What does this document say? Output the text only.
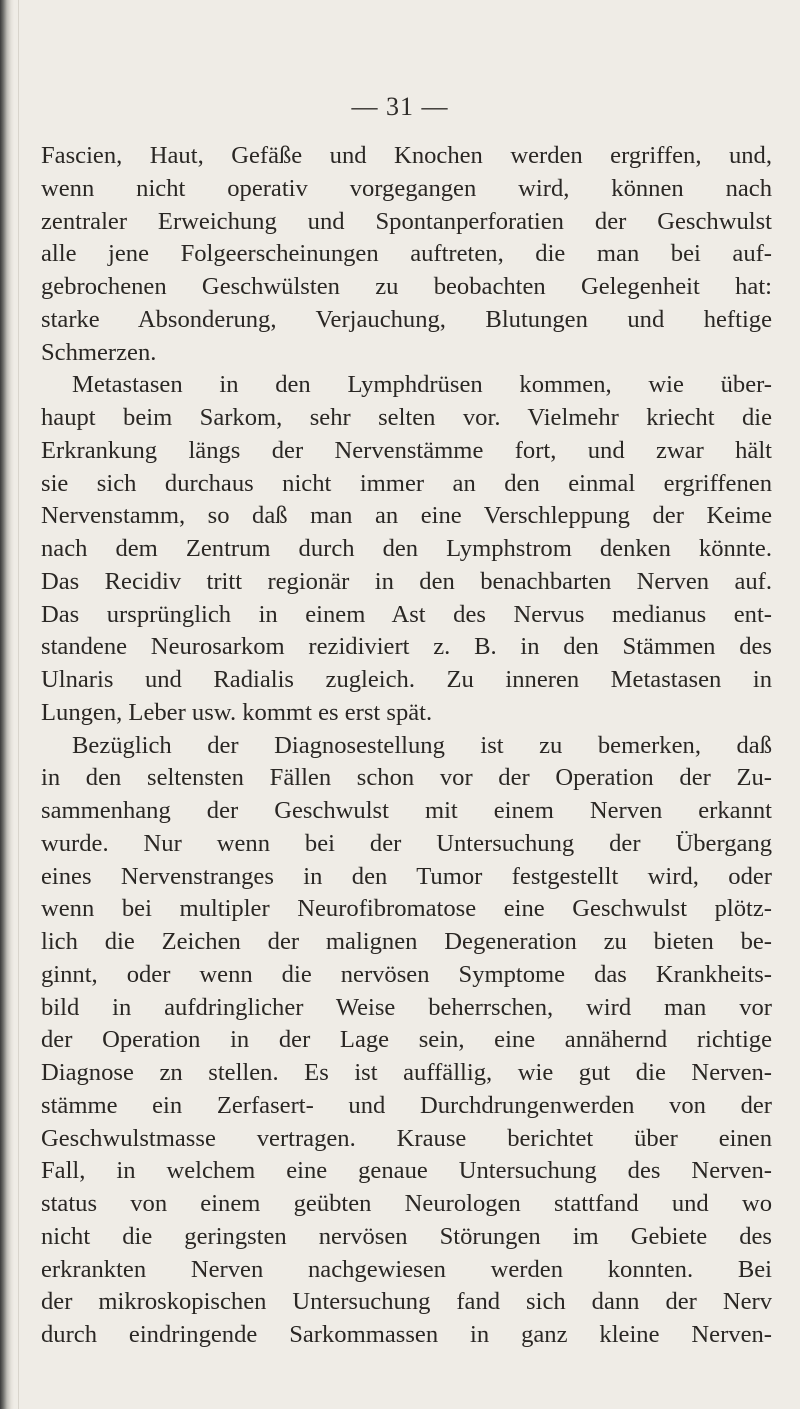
— 31 —
Fascien, Haut, Gefäße und Knochen werden ergriffen, und,
wenn nicht operativ vorgegangen wird, können nach
zentraler Erweichung und Spontanperforatien der Geschwulst
alle jene Folgeerscheinungen auftreten, die man bei auf-
gebrochenen Geschwülsten zu beobachten Gelegenheit hat:
starke Absonderung, Verjauchung, Blutungen und heftige
Schmerzen.
Metastasen in den Lymphdrüsen kommen, wie über-
haupt beim Sarkom, sehr selten vor. Vielmehr kriecht die
Erkrankung längs der Nervenstämme fort, und zwar hält
sie sich durchaus nicht immer an den einmal ergriffenen
Nervenstamm, so daß man an eine Verschleppung der Keime
nach dem Zentrum durch den Lymphstrom denken könnte.
Das Recidiv tritt regionär in den benachbarten Nerven auf.
Das ursprünglich in einem Ast des Nervus medianus ent-
standene Neurosarkom rezidiviert z. B. in den Stämmen des
Ulnaris und Radialis zugleich. Zu inneren Metastasen in
Lungen, Leber usw. kommt es erst spät.
Bezüglich der Diagnosestellung ist zu bemerken, daß
in den seltensten Fällen schon vor der Operation der Zu-
sammenhang der Geschwulst mit einem Nerven erkannt
wurde. Nur wenn bei der Untersuchung der Übergang
eines Nervenstranges in den Tumor festgestellt wird, oder
wenn bei multipler Neurofibromatose eine Geschwulst plötz-
lich die Zeichen der malignen Degeneration zu bieten be-
ginnt, oder wenn die nervösen Symptome das Krankheits-
bild in aufdringlicher Weise beherrschen, wird man vor
der Operation in der Lage sein, eine annähernd richtige
Diagnose zn stellen. Es ist auffällig, wie gut die Nerven-
stämme ein Zerfasert- und Durchdrungenwerden von der
Geschwulstmasse vertragen. Krause berichtet über einen
Fall, in welchem eine genaue Untersuchung des Nerven-
status von einem geübten Neurologen stattfand und wo
nicht die geringsten nervösen Störungen im Gebiete des
erkrankten Nerven nachgewiesen werden konnten. Bei
der mikroskopischen Untersuchung fand sich dann der Nerv
durch eindringende Sarkommassen in ganz kleine Nerven-
